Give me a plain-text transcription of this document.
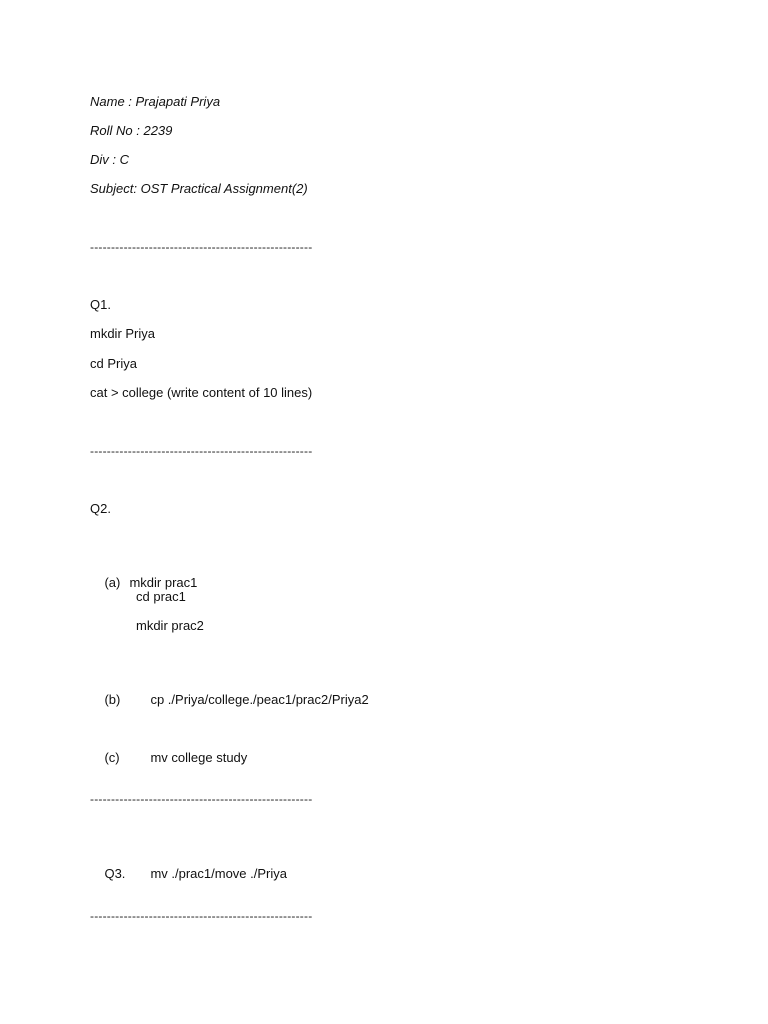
Name : Prajapati Priya
Roll No : 2239
Div : C
Subject: OST Practical Assignment(2)
-----------------------------------------------------
Q1.
mkdir Priya
cd Priya
cat > college (write content of 10 lines)
-----------------------------------------------------
Q2.

(a) mkdir prac1

cd prac1
mkdir prac2

(b) cp ./Priya/college./peac1/prac2/Priya2

(c) mv college study

-----------------------------------------------------

Q3. mv ./prac1/move ./Priya

-----------------------------------------------------
